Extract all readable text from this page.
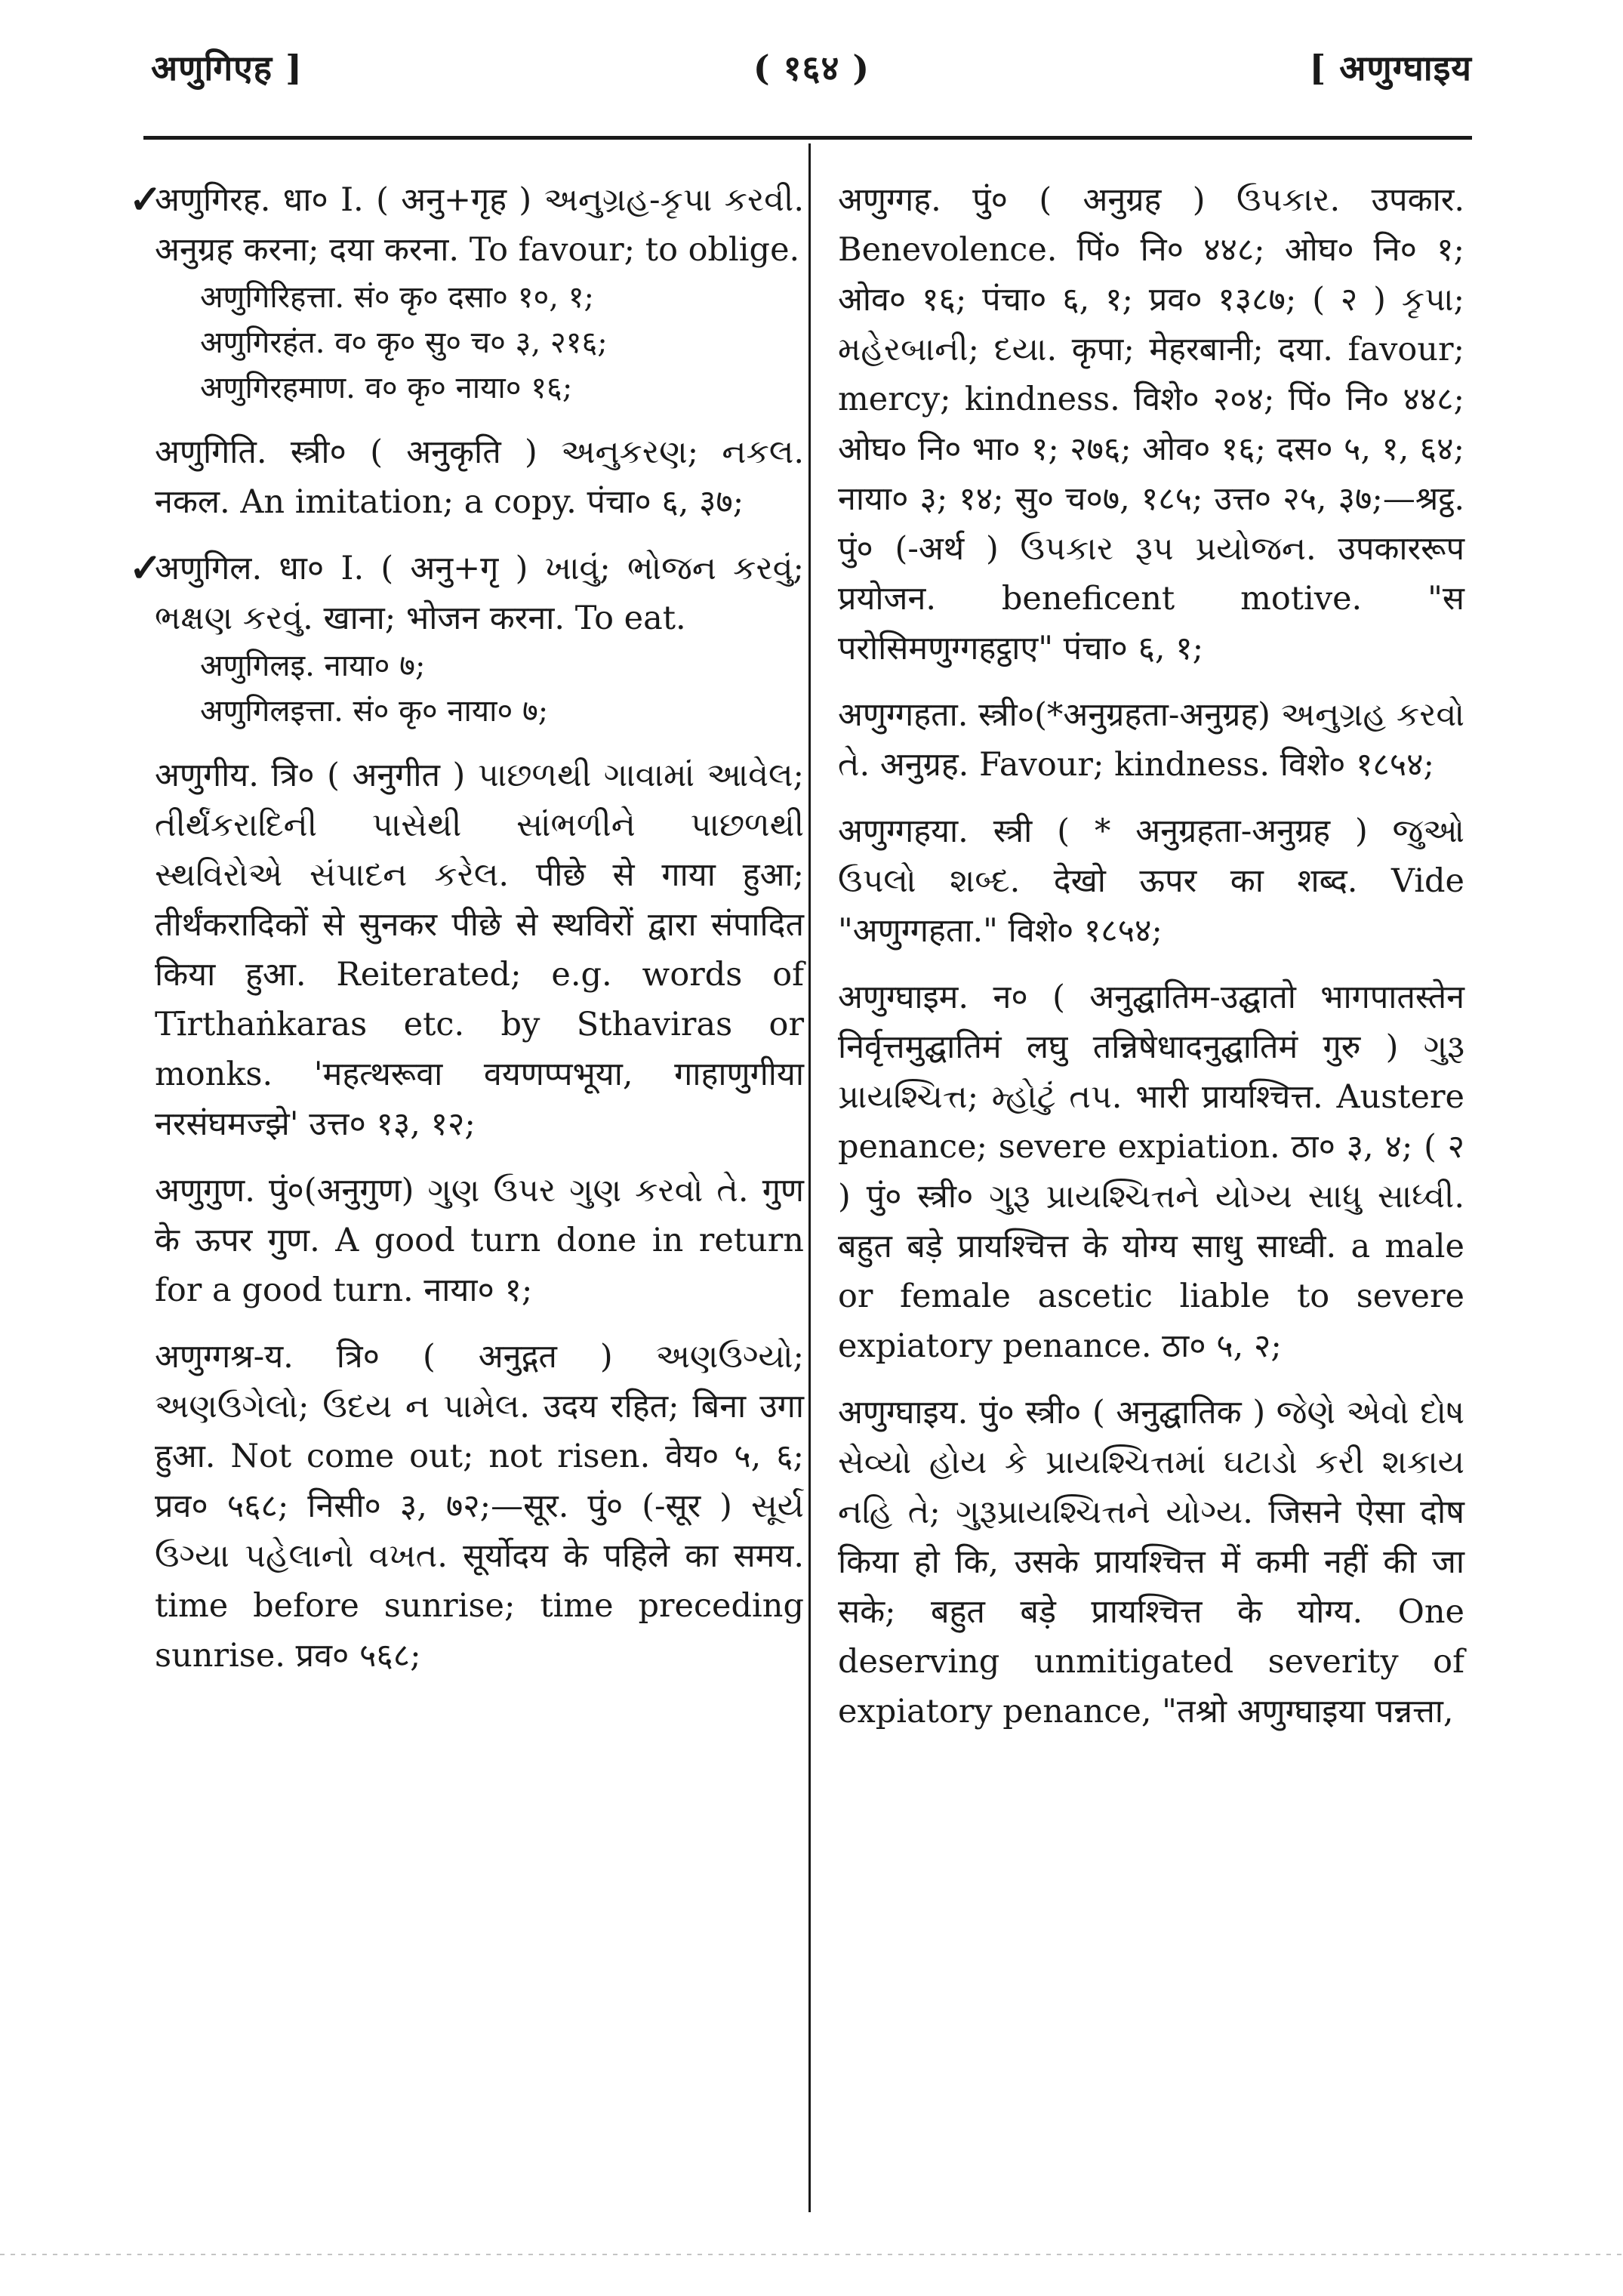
अणुगिएह ]	( १६४ )	[ अणुग्घाइय
✓ अणुगिरह. धा० I. ( अनु+गृह ) અનુગ્રહ-કૃપા કરવી. अनुग्रह करना; दया करना. To favour; to oblige.
अणुगिरिहत्ता. सं० कृ० दसा० १०, १;
अणुगिरहंत. व० कृ० सु० च० ३, २१६;
अणुगिरहमाण. व० कृ० नाया० १६;
अणुगिति. स्त्री० ( अनुकृति ) અનુકરણ; નકલ. नकल. An imitation; a copy. पंचा० ६, ३७;
✓ अणुगिल. धा० I. ( अनु+गृ ) ખાવું; ભોજન કરવું; ભક્ષણ કરવું. खाना; भोजन करना. To eat.
अणुगिलइ. नाया० ७;
अणुगिलइत्ता. सं० कृ० नाया० ७;
अणुगीय. त्रि० ( अनुगीत ) પાછળથી ગાવામાં આવેલ; તીર્થંકરાદિની પાસેથી સાંભળીને પાછળથી સ્થવિરોએ સંપાદન કરેલ. पीछे से गाया हुआ; तीर्थंकरादिकों से सुनकर पीछे से स्थविरों द्वारा संपादित किया हुआ. Reiterated; e.g. words of Tīrthaṅkaras etc. by Sthaviras or monks. 'महत्थरूवा वयणप्पभूया, गाहाणुगीया नरसंघमज्झे' उत्त० १३, १२;
अणुगुण. पुं०(अनुगुण) ગુણ ઉપર ગુણ કરવો તે. गुण के ऊपर गुण. A good turn done in return for a good turn. नाया० १;
अणुग्गश्र-य. त्रि० ( अनुद्गत ) અણઉગ્યો; અણઉગેલો; ઉદય ન પામેલ. उदय रहित; बिना उगा हुआ. Not come out; not risen. वेय० ५, ६; प्रव० ५६८; निसी० ३, ७२;—सूर. पुं० (-सूर ) સૂર્ય ઉગ્યા પહેલાનો વખત. सूर्योदय के पहिले का समय. time before sunrise; time preceding sunrise. प्रव० ५६८;
अणुग्गह. पुं० ( अनुग्रह ) ઉપકાર. उपकार. Benevolence. पिं० नि० ४४८; ओघ० नि० १; ओव० १६; पंचा० ६, १; प्रव० १३८७; ( २ ) કૃપા; મહેરબાની; દયા. कृपा; मेहरबानी; दया. favour; mercy; kindness. विशे० २०४; पिं० नि० ४४८; ओघ० नि० भा० १; २७६; ओव० १६; दस० ५, १, ६४; नाया० ३; १४; सु० च०७, १८५; उत्त० २५, ३७;—श्रट्ठ. पुं० (-अर्थ ) ઉપકાર રૂપ પ્રયોજન. उपकाररूप प्रयोजन. beneficent motive. "स परोसिमणुग्गहट्ठाए" पंचा० ६, १;
अणुग्गहता. स्त्री०(*अनुग्रहता-अनुग्रह) અનુગ્રહ કરવો તે. अनुग्रह. Favour; kindness. विशे० १८५४;
अणुग्गहया. स्त्री ( * अनुग्रहता-अनुग्रह ) જુઓ ઉપલો શબ્દ. देखो ऊपर का शब्द. Vide "अणुग्गहता." विशे० १८५४;
अणुग्घाइम. न० ( अनुद्घातिम-उद्घातो भागपातस्तेन निर्वृत्तमुद्घातिमं लघु तन्निषेधादनुद्घातिमं गुरु ) ગુરૂ પ્રાયશ્ચિત્ત; મ્હોટું તપ. भारी प्रायश्चित्त. Austere penance; severe expiation. ठा० ३, ४; ( २ ) पुं० स्त्री० ગુરૂ પ્રાયશ્ચિત્તને યોગ્ય સાધુ સાધ્વી. बहुत बड़े प्रायश्चित्त के योग्य साधु साध्वी. a male or female ascetic liable to severe expiatory penance. ठा० ५, २;
अणुग्घाइय. पुं० स्त्री० ( अनुद्घातिक ) જેણે એવો દોષ સેવ્યો હોય કે પ્રાયશ્ચિત્તમાં ઘટાડો કરી શકાય નહિ તે; ગુરૂપ્રાયશ્ચિત્તને યોગ્ય. जिसने ऐसा दोष किया हो कि, उसके प्रायश्चित्त में कमी नहीं की जा सके; बहुत बड़े प्रायश्चित्त के योग्य. One deserving unmitigated severity of expiatory penance, "तश्रो अणुग्घाइया पन्नत्ता,
